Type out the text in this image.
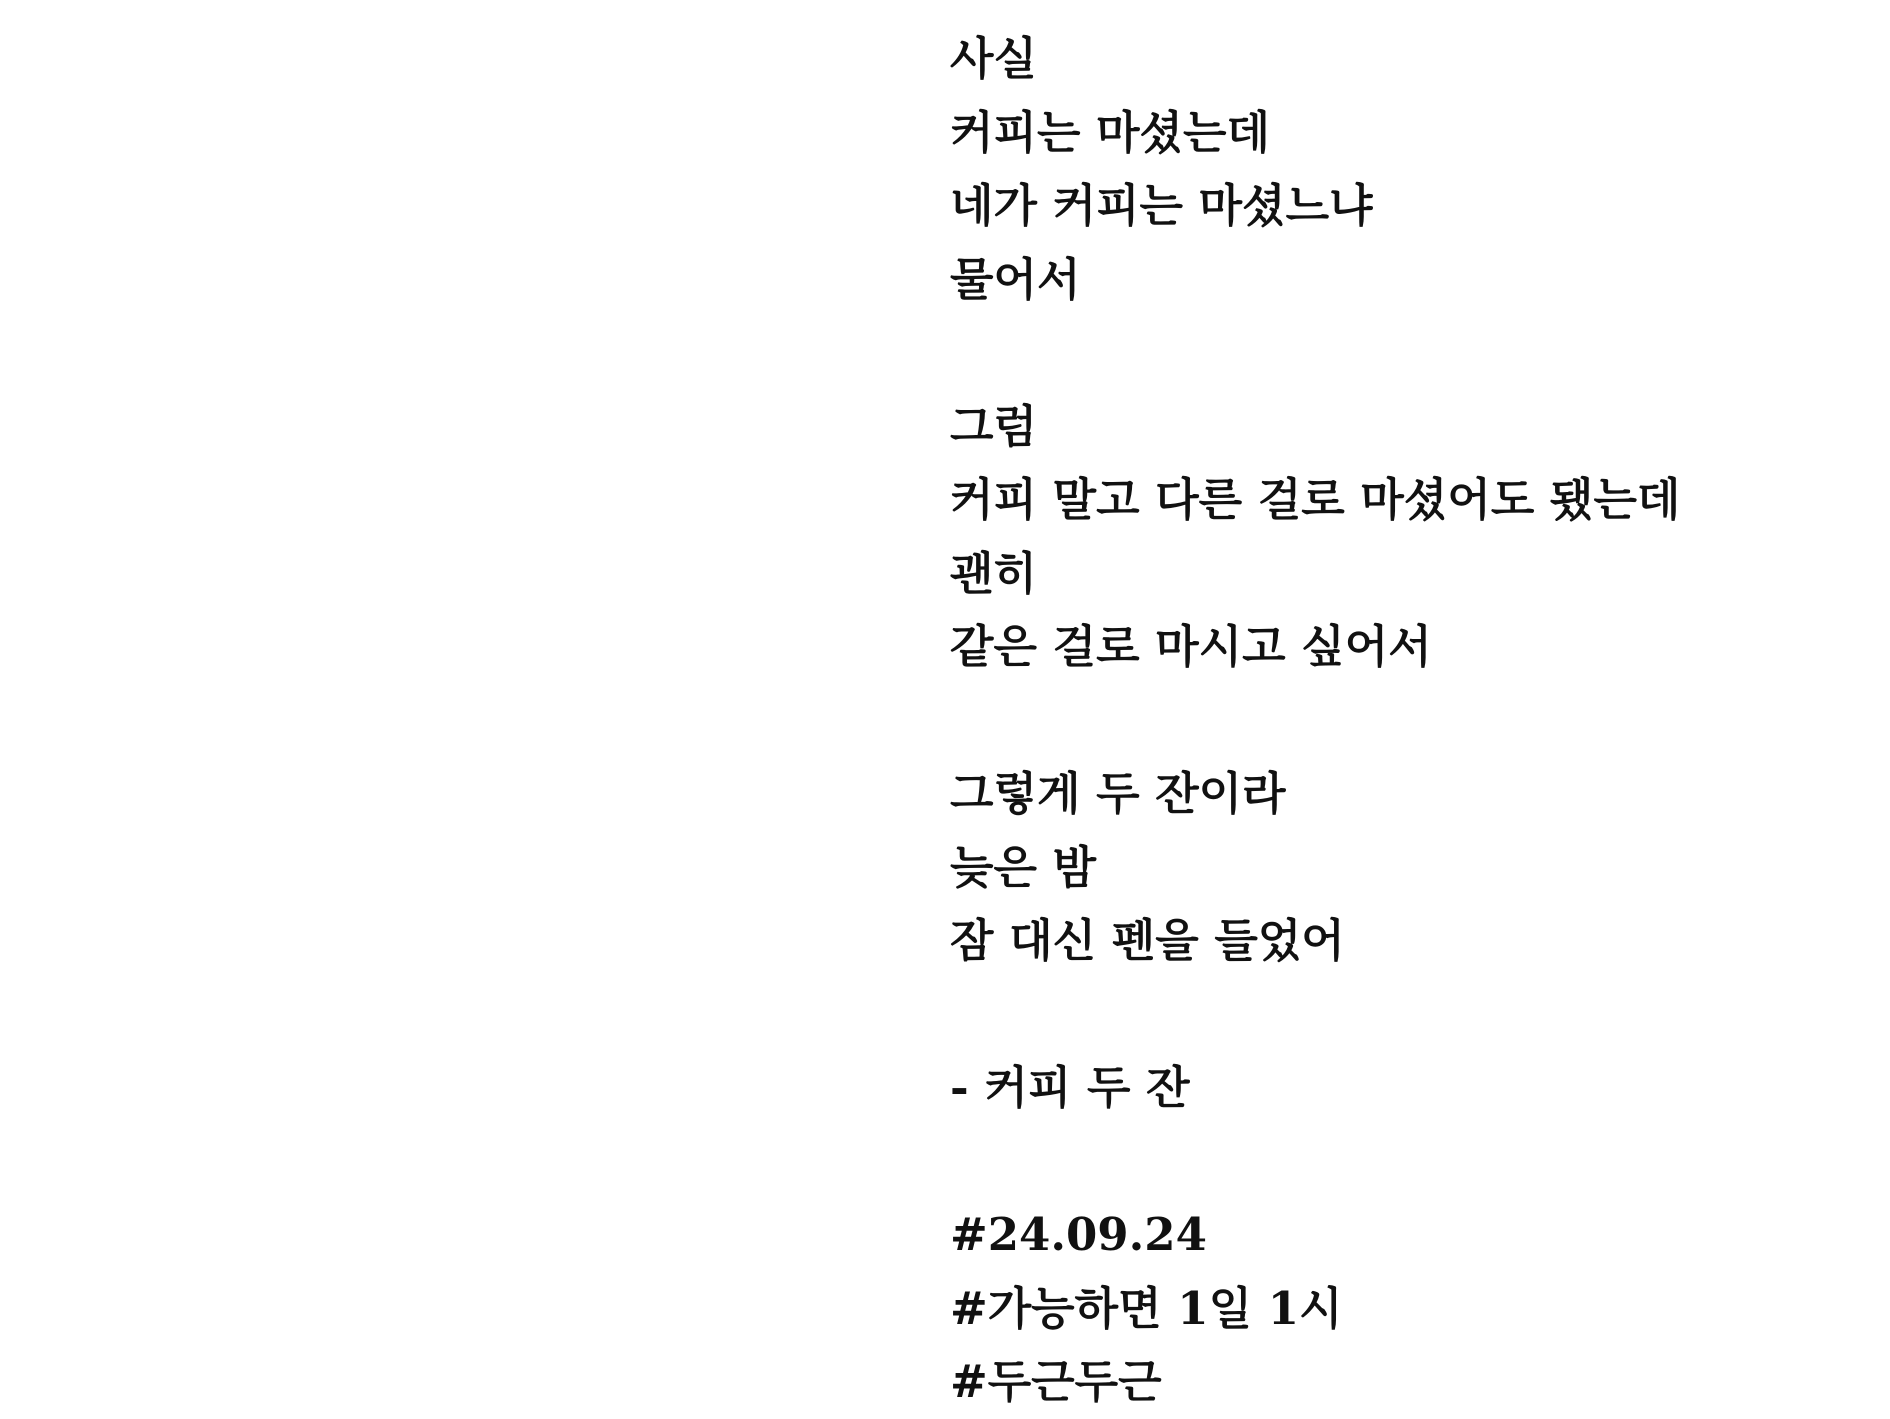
사실
커피는 마셨는데
네가 커피는 마셨느냐
물어서
그럼
커피 말고 다른 걸로 마셨어도 됐는데
괜히
같은 걸로 마시고 싶어서
그렇게 두 잔이라
늦은 밤
잠 대신 펜을 들었어
- 커피 두 잔
#24.09.24
#가능하면 1일 1시
#두근두근
